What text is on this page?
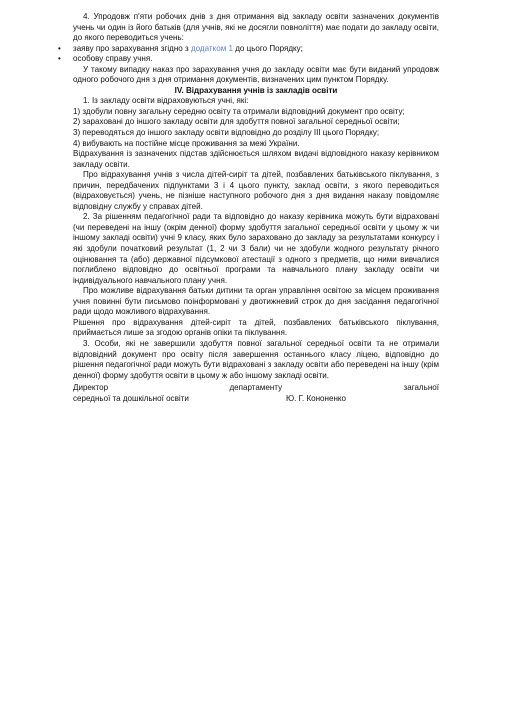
4. Упродовж п'яти робочих днів з дня отримання від закладу освіти зазначених документів учень чи один із його батьків (для учнів, які не досягли повноліття) має подати до закладу освіти, до якого переводиться учень:

• заяву про зарахування згідно з додатком 1 до цього Порядку;

• особову справу учня.

У такому випадку наказ про зарахування учня до закладу освіти має бути виданий упродовж одного робочого дня з дня отримання документів, визначених цим пунктом Порядку.

IV. Відрахування учнів із закладів освіти

1. Із закладу освіти відраховуються учні, які:

1) здобули повну загальну середню освіту та отримали відповідний документ про освіту;

2) зараховані до іншого закладу освіти для здобуття повної загальної середньої освіти;

3) переводяться до іншого закладу освіти відповідно до розділу III цього Порядку;

4) вибувають на постійне місце проживання за межі України.

Відрахування із зазначених підстав здійснюється шляхом видачі відповідного наказу керівником закладу освіти.

Про відрахування учнів з числа дітей-сиріт та дітей, позбавлених батьківського піклування, з причин, передбачених підпунктами 3 і 4 цього пункту, заклад освіти, з якого переводиться (відраховується) учень, не пізніше наступного робочого дня з дня видання наказу повідомляє відповідну службу у справах дітей.

2. За рішенням педагогічної ради та відповідно до наказу керівника можуть бути відраховані (чи переведені на іншу (окрім денної) форму здобуття загальної середньої освіти у цьому ж чи іншому закладі освіти) учні 9 класу, яких було зараховано до закладу за результатами конкурсу і які здобули початковий результат (1, 2 чи 3 бали) чи не здобули жодного результату річного оцінювання та (або) державної підсумкової атестації з одного з предметів, що ними вивчалися поглиблено відповідно до освітньої програми та навчального плану закладу освіти чи індивідуального навчального плану учня.

Про можливе відрахування батьки дитини та орган управління освітою за місцем проживання учня повинні бути письмово поінформовані у двотижневий строк до дня засідання педагогічної ради щодо можливого відрахування.

Рішення про відрахування дітей-сиріт та дітей, позбавлених батьківського піклування, приймається лише за згодою органів опіки та піклування.

3. Особи, які не завершили здобуття повної загальної середньої освіти та не отримали відповідний документ про освіту після завершення останнього класу ліцею, відповідно до рішення педагогічної ради можуть бути відраховані з закладу освіти або переведені на іншу (крім денної) форму здобуття освіти в цьому ж або іншому закладі освіти.

Директор	департаменту	загальної
середньої та дошкільної освіти	Ю. Г. Кононенко
